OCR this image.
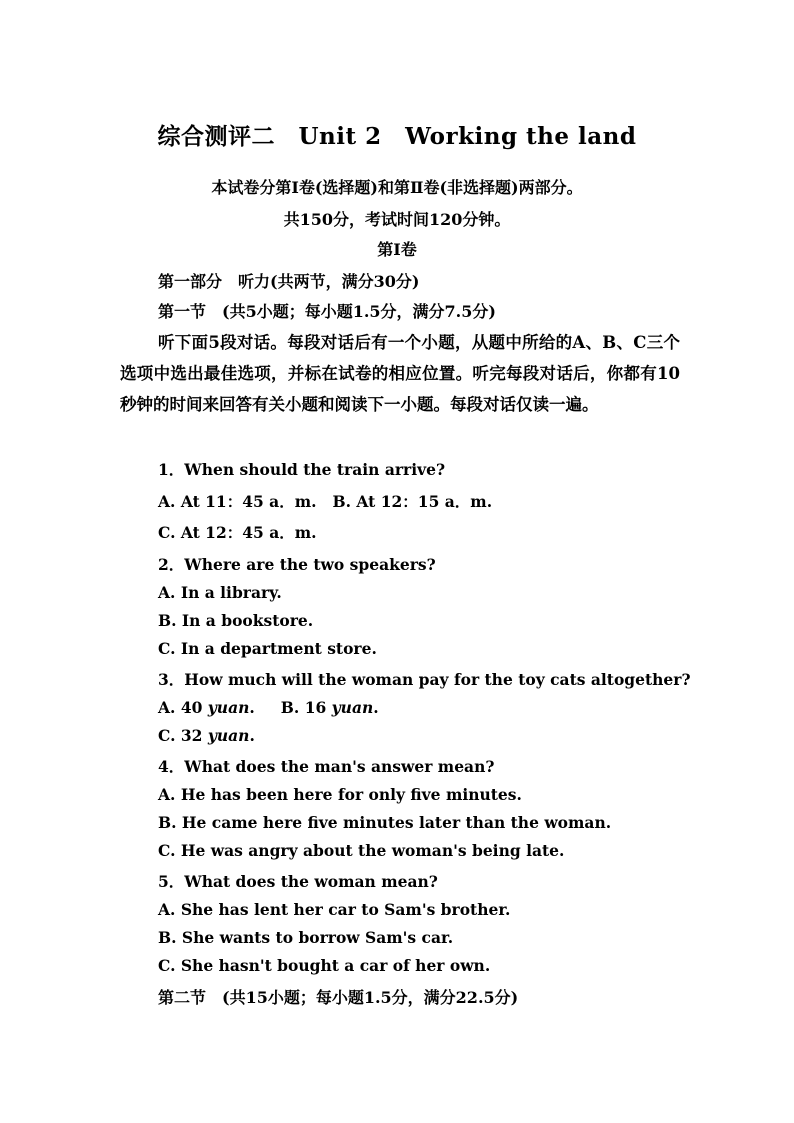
综合测评二　Unit 2　Working the land
本试卷分第Ⅰ卷(选择题)和第Ⅱ卷(非选择题)两部分。
共150分，考试时间120分钟。
第Ⅰ卷
第一部分　听力(共两节，满分30分)
第一节　(共5小题；每小题1.5分，满分7.5分)
听下面5段对话。每段对话后有一个小题，从题中所给的A、B、C三个选项中选出最佳选项，并标在试卷的相应位置。听完每段对话后，你都有10秒钟的时间来回答有关小题和阅读下一小题。每段对话仅读一遍。
1．When should the train arrive?
A. At 11：45 a．m. B. At 12：15 a．m.
C. At 12：45 a．m.
2．Where are the two speakers?
A. In a library.
B. In a bookstore.
C. In a department store.
3．How much will the woman pay for the toy cats altogether?
A. 40 yuan. B. 16 yuan.
C. 32 yuan.
4．What does the man's answer mean?
A. He has been here for only five minutes.
B. He came here five minutes later than the woman.
C. He was angry about the woman's being late.
5．What does the woman mean?
A. She has lent her car to Sam's brother.
B. She wants to borrow Sam's car.
C. She hasn't bought a car of her own.
第二节　(共15小题；每小题1.5分，满分22.5分)
